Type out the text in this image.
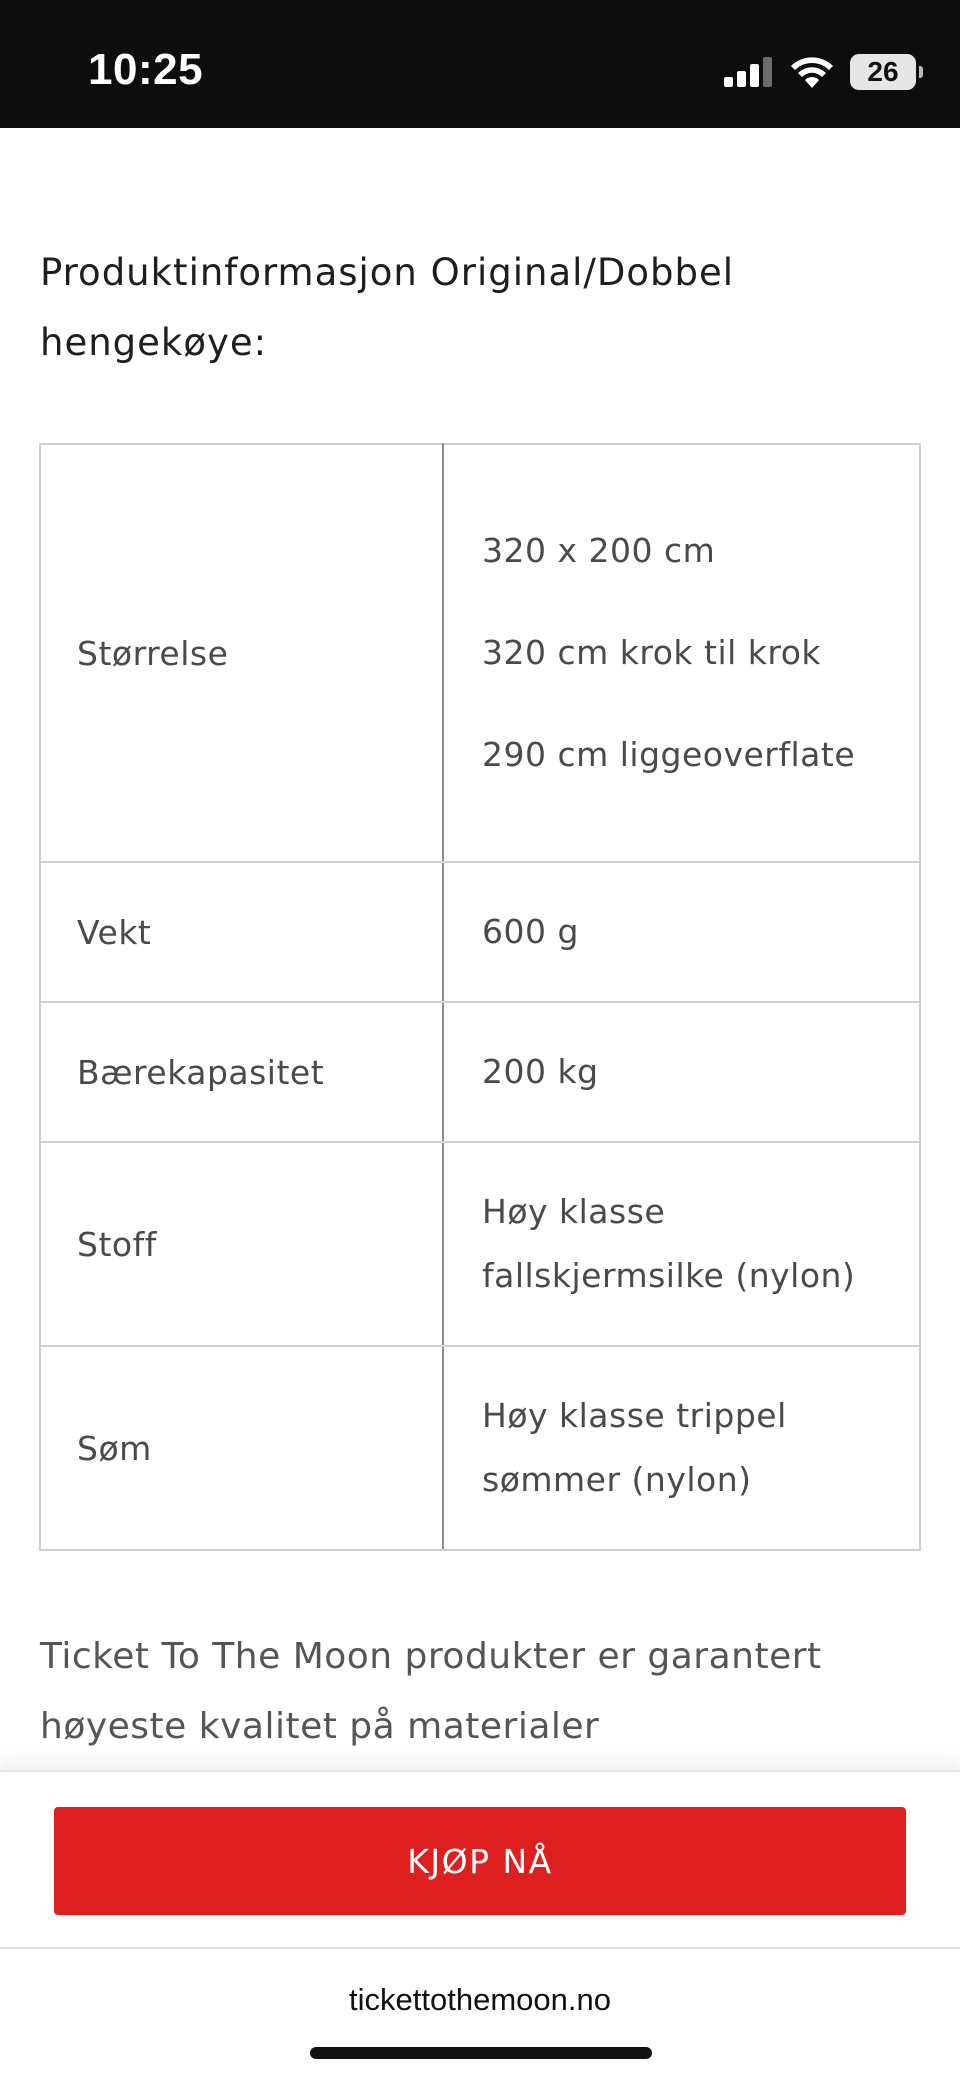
10:25	26
Produktinformasjon Original/Dobbel hengekøye:
Størrelse	320 x 200 cm
320 cm krok til krok
290 cm liggeoverflate

Vekt	600 g
Bærekapasitet	200 kg
Stoff	Høy klasse fallskjermsilke (nylon)
Søm	Høy klasse trippel sømmer (nylon)

Ticket To The Moon produkter er garantert høyeste kvalitet på materialer

KJØP NÅ
tickettothemoon.no
